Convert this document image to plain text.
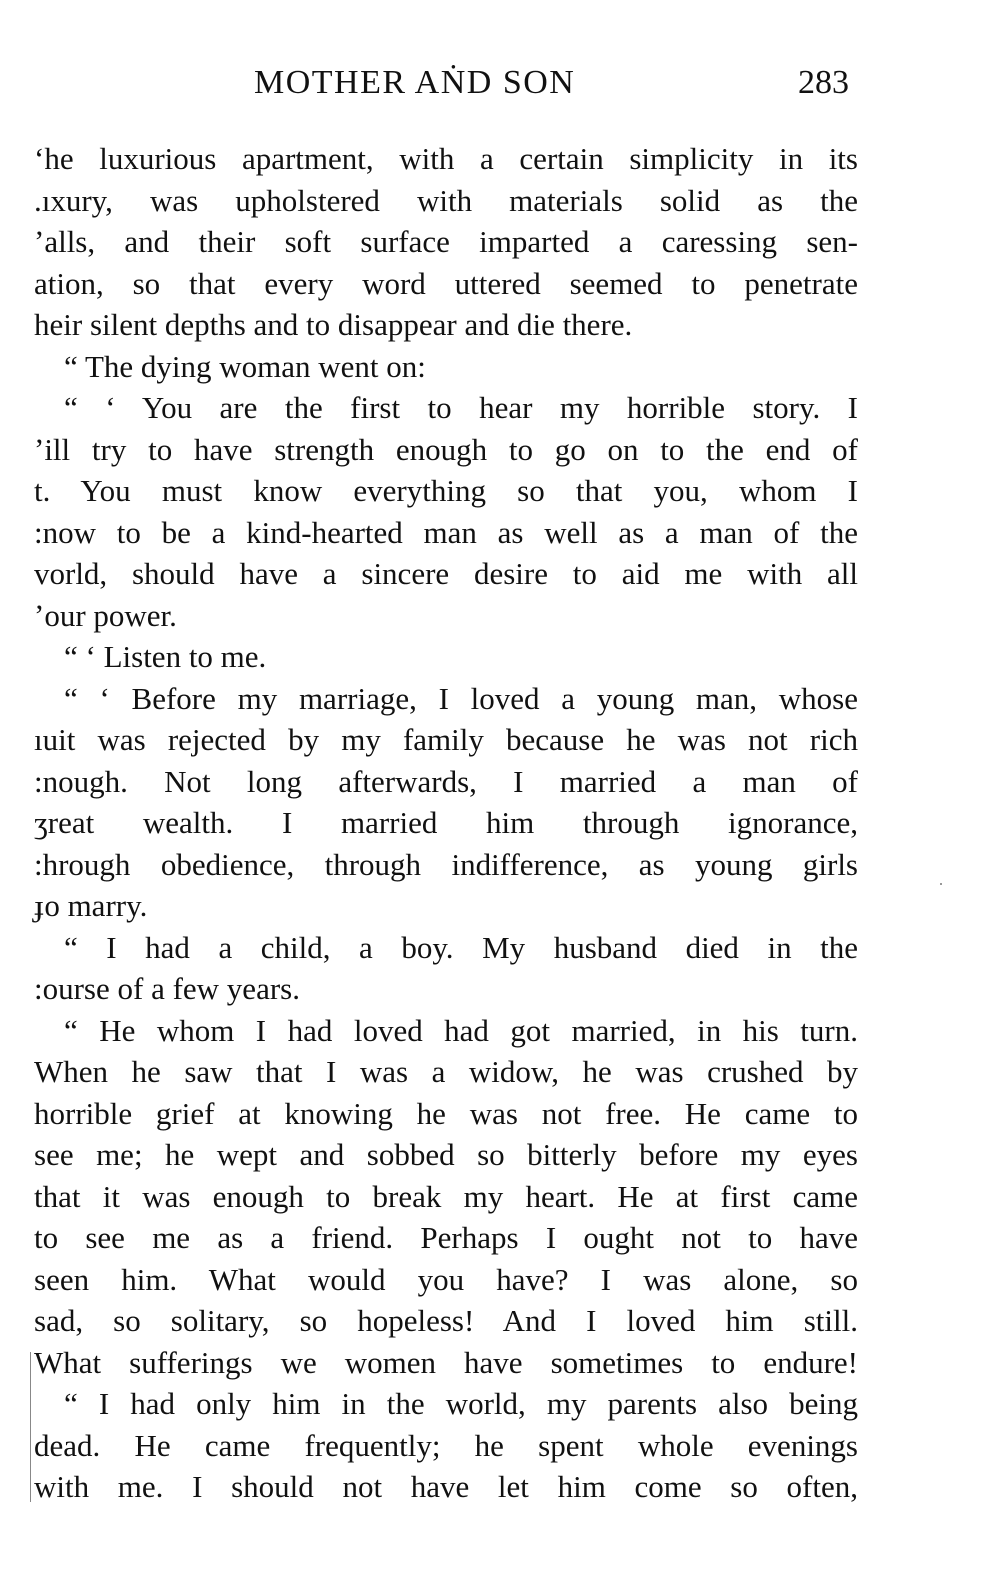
MOTHER AṄD SON	283
ʻhe luxurious apartment, with a certain simplicity in its
.ıxury, was upholstered with materials solid as the
ʼalls, and their soft surface imparted a caressing sen-
ation, so that every word uttered seemed to penetrate
heir silent depths and to disappear and die there.
“ The dying woman went on:
“ ‘ You are the first to hear my horrible story. I
ʼill try to have strength enough to go on to the end of
t. You must know everything so that you, whom I
:now to be a kind-hearted man as well as a man of the
vorld, should have a sincere desire to aid me with all
ʼour power.
“ ‘ Listen to me.
“ ‘ Before my marriage, I loved a young man, whose
ıuit was rejected by my family because he was not rich
:nough. Not long afterwards, I married a man of
ʒreat wealth. I married him through ignorance,
:hrough obedience, through indifference, as young girls
ɟo marry.
“ I had a child, a boy. My husband died in the
:ourse of a few years.
“ He whom I had loved had got married, in his turn.
When he saw that I was a widow, he was crushed by
horrible grief at knowing he was not free. He came to
see me; he wept and sobbed so bitterly before my eyes
that it was enough to break my heart. He at first came
to see me as a friend. Perhaps I ought not to have
seen him. What would you have? I was alone, so
sad, so solitary, so hopeless! And I loved him still.
What sufferings we women have sometimes to endure!
“ I had only him in the world, my parents also being
dead. He came frequently; he spent whole evenings
with me. I should not have let him come so often,
